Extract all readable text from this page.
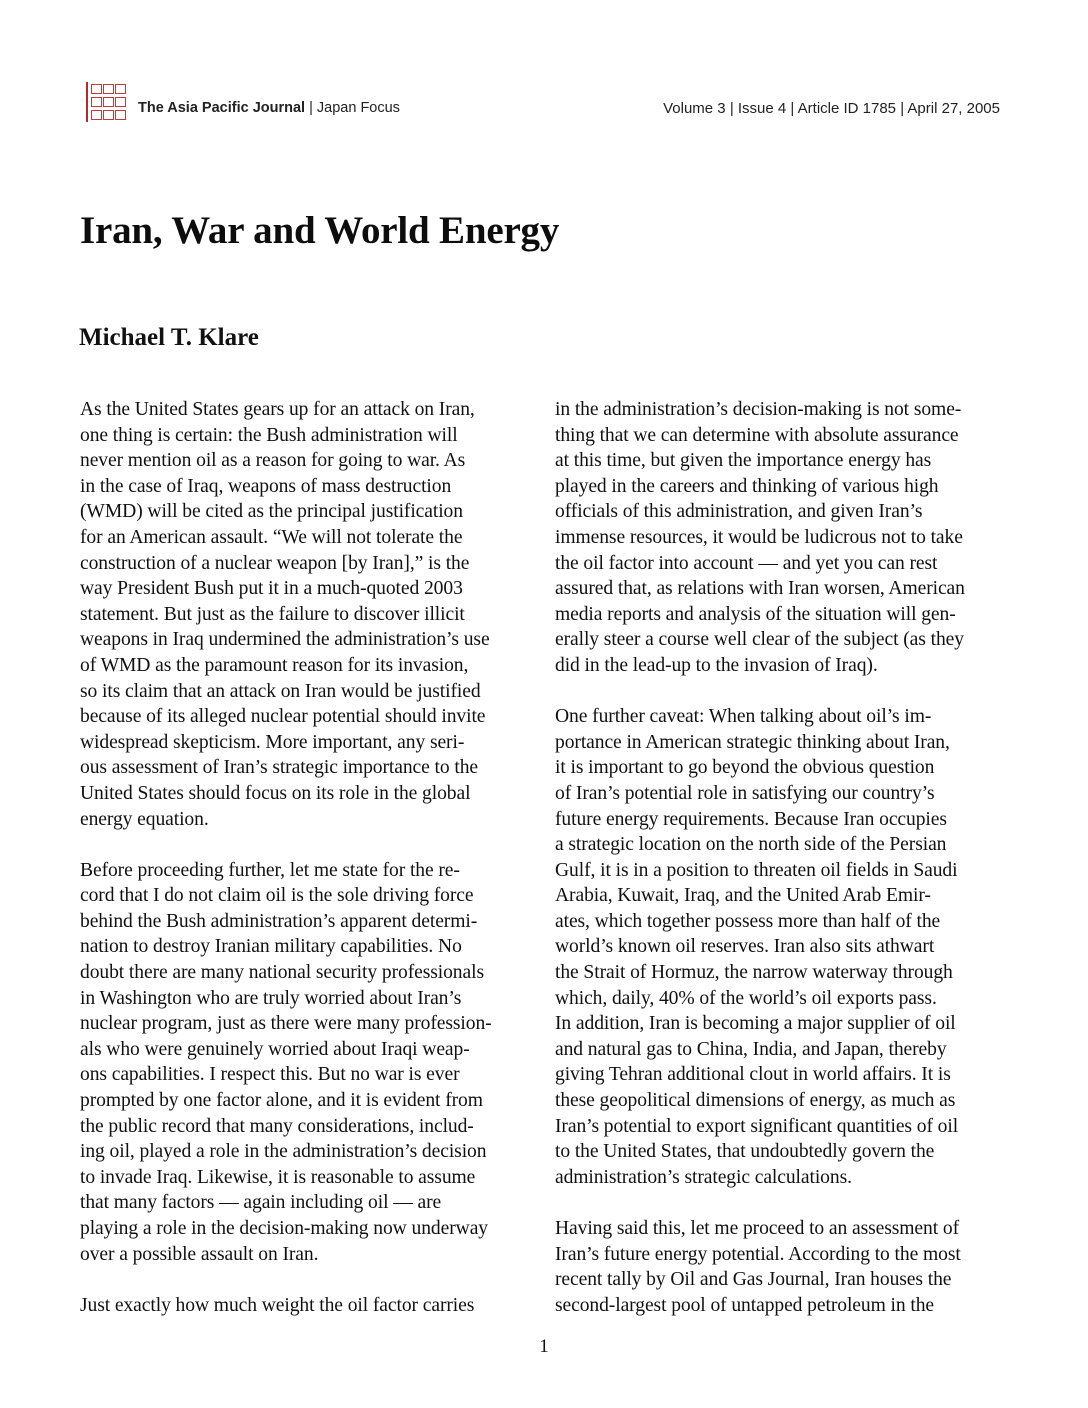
The Asia Pacific Journal | Japan Focus	Volume 3 | Issue 4 | Article ID 1785 | April 27, 2005
Iran, War and World Energy
Michael T. Klare
As the United States gears up for an attack on Iran,
one thing is certain: the Bush administration will
never mention oil as a reason for going to war. As
in the case of Iraq, weapons of mass destruction
(WMD) will be cited as the principal justification
for an American assault. “We will not tolerate the
construction of a nuclear weapon [by Iran],” is the
way President Bush put it in a much-quoted 2003
statement. But just as the failure to discover illicit
weapons in Iraq undermined the administration’s use
of WMD as the paramount reason for its invasion,
so its claim that an attack on Iran would be justified
because of its alleged nuclear potential should invite
widespread skepticism. More important, any seri-
ous assessment of Iran’s strategic importance to the
United States should focus on its role in the global
energy equation.
Before proceeding further, let me state for the re-
cord that I do not claim oil is the sole driving force
behind the Bush administration’s apparent determi-
nation to destroy Iranian military capabilities. No
doubt there are many national security professionals
in Washington who are truly worried about Iran’s
nuclear program, just as there were many profession-
als who were genuinely worried about Iraqi weap-
ons capabilities. I respect this. But no war is ever
prompted by one factor alone, and it is evident from
the public record that many considerations, includ-
ing oil, played a role in the administration’s decision
to invade Iraq. Likewise, it is reasonable to assume
that many factors — again including oil — are
playing a role in the decision-making now underway
over a possible assault on Iran.
Just exactly how much weight the oil factor carries
in the administration’s decision-making is not some-
thing that we can determine with absolute assurance
at this time, but given the importance energy has
played in the careers and thinking of various high
officials of this administration, and given Iran’s
immense resources, it would be ludicrous not to take
the oil factor into account — and yet you can rest
assured that, as relations with Iran worsen, American
media reports and analysis of the situation will gen-
erally steer a course well clear of the subject (as they
did in the lead-up to the invasion of Iraq).
One further caveat: When talking about oil’s im-
portance in American strategic thinking about Iran,
it is important to go beyond the obvious question
of Iran’s potential role in satisfying our country’s
future energy requirements. Because Iran occupies
a strategic location on the north side of the Persian
Gulf, it is in a position to threaten oil fields in Saudi
Arabia, Kuwait, Iraq, and the United Arab Emir-
ates, which together possess more than half of the
world’s known oil reserves. Iran also sits athwart
the Strait of Hormuz, the narrow waterway through
which, daily, 40% of the world’s oil exports pass.
In addition, Iran is becoming a major supplier of oil
and natural gas to China, India, and Japan, thereby
giving Tehran additional clout in world affairs. It is
these geopolitical dimensions of energy, as much as
Iran’s potential to export significant quantities of oil
to the United States, that undoubtedly govern the
administration’s strategic calculations.
Having said this, let me proceed to an assessment of
Iran’s future energy potential. According to the most
recent tally by Oil and Gas Journal, Iran houses the
second-largest pool of untapped petroleum in the
1
